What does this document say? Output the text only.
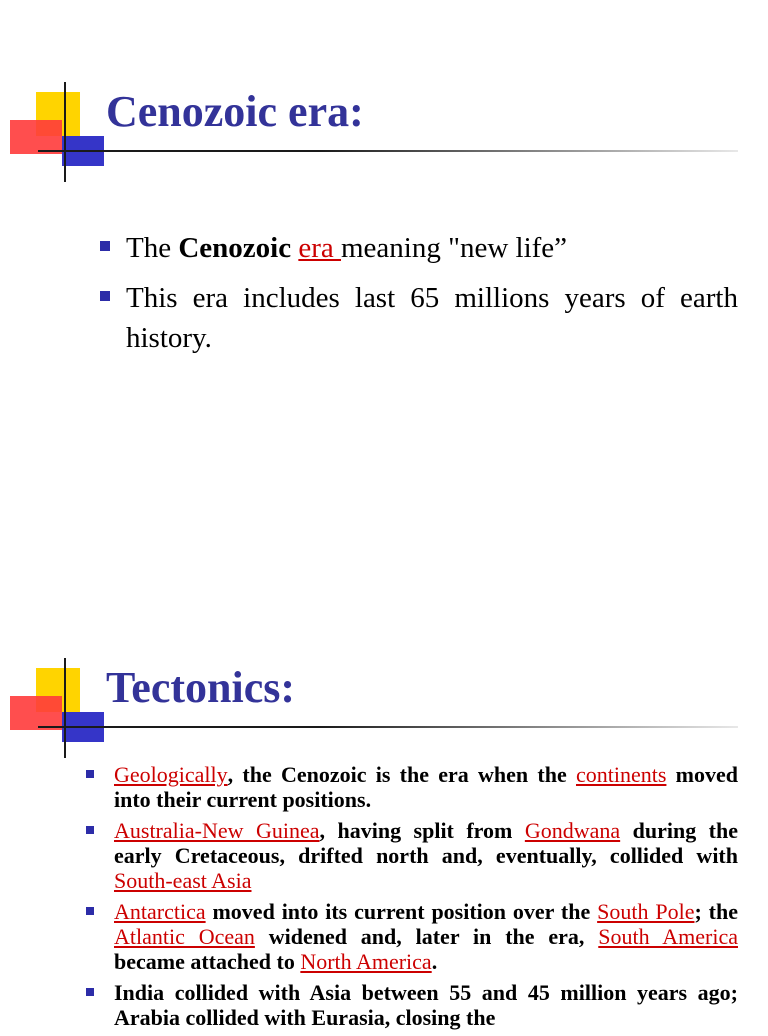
Cenozoic era:
The Cenozoic era meaning "new life”
This era includes last 65 millions years of earth history.
Tectonics:
Geologically, the Cenozoic is the era when the continents moved into their current positions.
Australia-New Guinea, having split from Gondwana during the early Cretaceous, drifted north and, eventually, collided with South-east Asia
Antarctica moved into its current position over the South Pole; the Atlantic Ocean widened and, later in the era, South America became attached to North America.
India collided with Asia between 55 and 45 million years ago; Arabia collided with Eurasia, closing the
